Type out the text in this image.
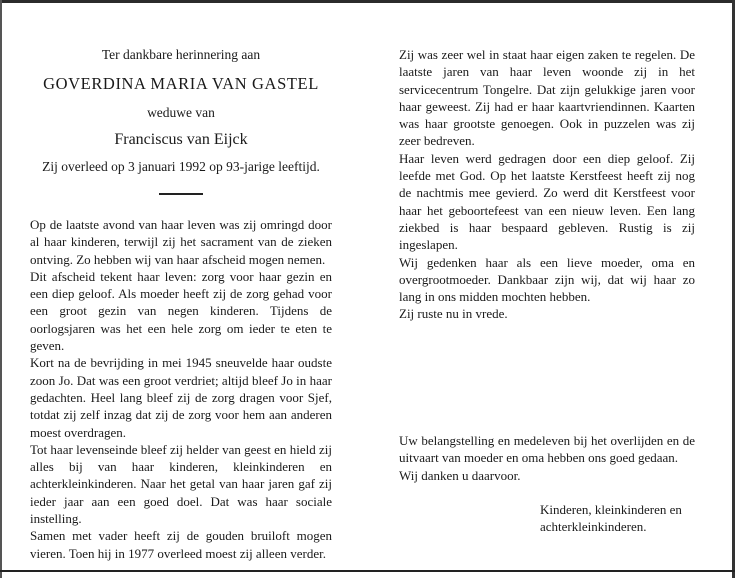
Ter dankbare herinnering aan

GOVERDINA MARIA VAN GASTEL

weduwe van

Franciscus van Eijck

Zij overleed op 3 januari 1992 op 93-jarige leeftijd.

Op de laatste avond van haar leven was zij omringd door al haar kinderen, terwijl zij het sacrament van de zieken ontving. Zo hebben wij van haar afscheid mogen nemen.
Dit afscheid tekent haar leven: zorg voor haar gezin en een diep geloof. Als moeder heeft zij de zorg gehad voor een groot gezin van negen kinderen. Tijdens de oorlogsjaren was het een hele zorg om ieder te eten te geven.
Kort na de bevrijding in mei 1945 sneuvelde haar oudste zoon Jo. Dat was een groot verdriet; altijd bleef Jo in haar gedachten. Heel lang bleef zij de zorg dragen voor Sjef, totdat zij zelf inzag dat zij de zorg voor hem aan anderen moest overdragen.
Tot haar levenseinde bleef zij helder van geest en hield zij alles bij van haar kinderen, kleinkinderen en achterkleinkinderen. Naar het getal van haar jaren gaf zij ieder jaar aan een goed doel. Dat was haar sociale instelling.
Samen met vader heeft zij de gouden bruiloft mogen vieren. Toen hij in 1977 overleed moest zij alleen verder.
Zij was zeer wel in staat haar eigen zaken te regelen. De laatste jaren van haar leven woonde zij in het servicecentrum Tongelre. Dat zijn gelukkige jaren voor haar geweest. Zij had er haar kaartvriendinnen. Kaarten was haar grootste genoegen. Ook in puzzelen was zij zeer bedreven.
Haar leven werd gedragen door een diep geloof. Zij leefde met God. Op het laatste Kerstfeest heeft zij nog de nachtmis mee gevierd. Zo werd dit Kerstfeest voor haar het geboortefeest van een nieuw leven. Een lang ziekbed is haar bespaard gebleven. Rustig is zij ingeslapen.
Wij gedenken haar als een lieve moeder, oma en overgrootmoeder. Dankbaar zijn wij, dat wij haar zo lang in ons midden mochten hebben.
Zij ruste nu in vrede.
Uw belangstelling en medeleven bij het overlijden en de uitvaart van moeder en oma hebben ons goed gedaan.
Wij danken u daarvoor.
Kinderen, kleinkinderen en achterkleinkinderen.
